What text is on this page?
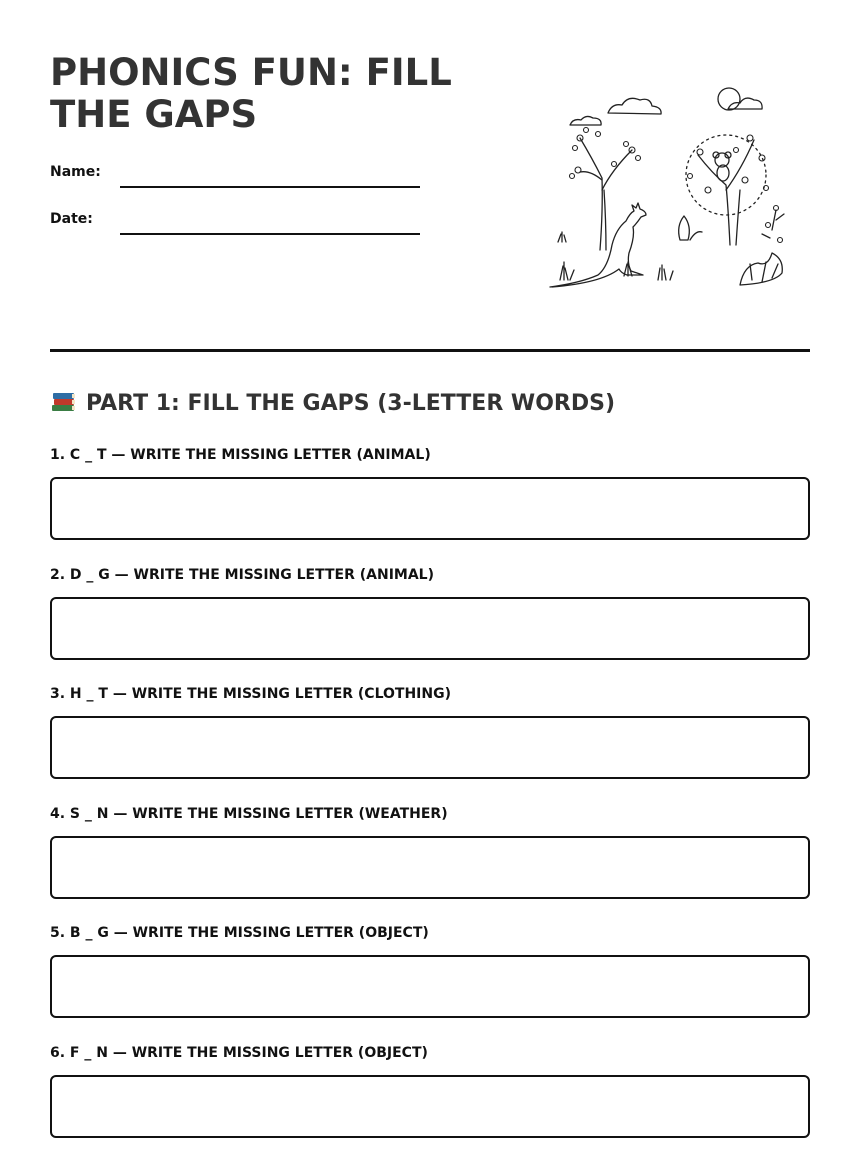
PHONICS FUN: FILL THE GAPS
Name:
Date:
PART 1: FILL THE GAPS (3-LETTER WORDS)
1. C _ T — WRITE THE MISSING LETTER (ANIMAL)
2. D _ G — WRITE THE MISSING LETTER (ANIMAL)
3. H _ T — WRITE THE MISSING LETTER (CLOTHING)
4. S _ N — WRITE THE MISSING LETTER (WEATHER)
5. B _ G — WRITE THE MISSING LETTER (OBJECT)
6. F _ N — WRITE THE MISSING LETTER (OBJECT)
